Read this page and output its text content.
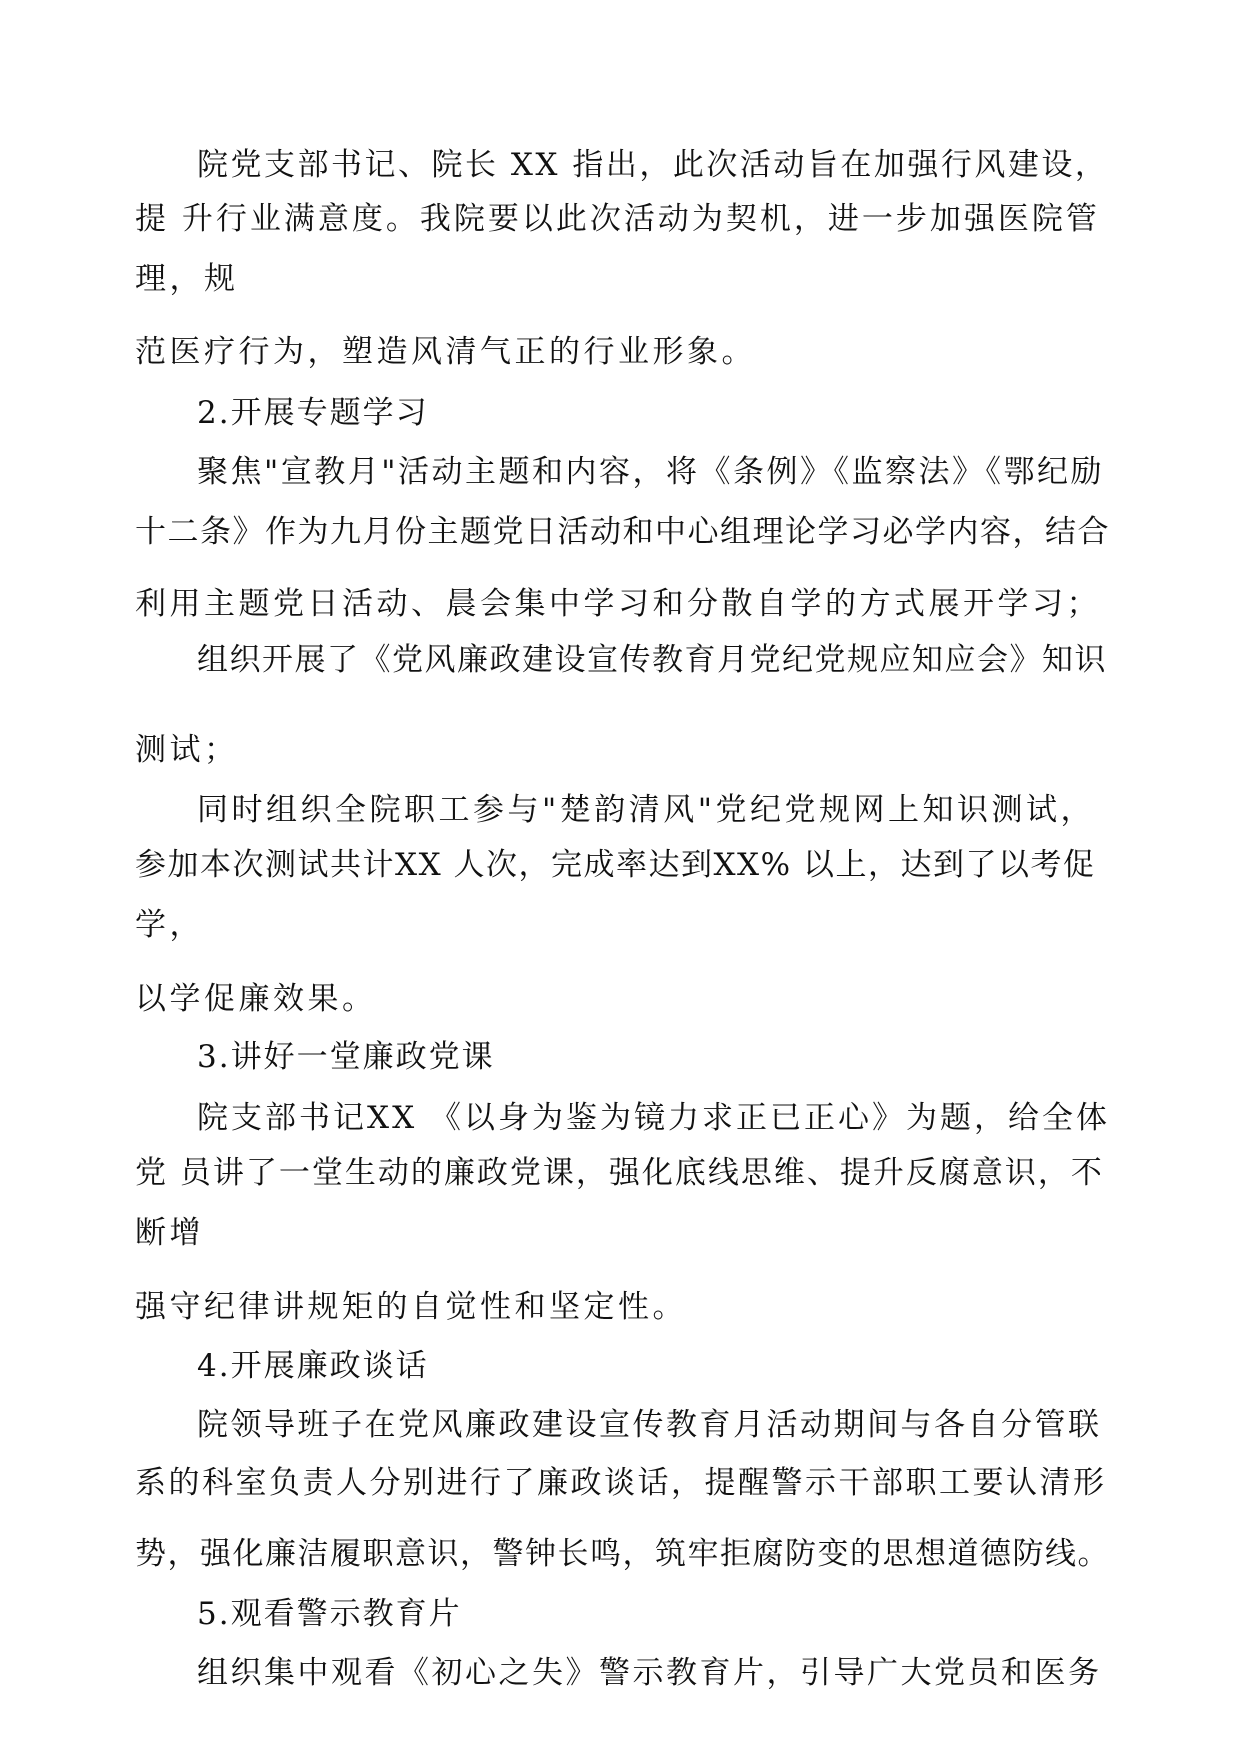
院党支部书记、院长 XX 指出，此次活动旨在加强行风建设，
提 升行业满意度。我院要以此次活动为契机，进一步加强医院管
理，规
范医疗行为，塑造风清气正的行业形象。
2.开展专题学习
聚焦"宣教月"活动主题和内容，将《条例》《监察法》《鄂纪励
十二条》作为九月份主题党日活动和中心组理论学习必学内容，结合
利用主题党日活动、晨会集中学习和分散自学的方式展开学习；
组织开展了《党风廉政建设宣传教育月党纪党规应知应会》知识
测试；
同时组织全院职工参与"楚韵清风"党纪党规网上知识测试，
参加本次测试共计XX 人次，完成率达到XX% 以上，达到了以考促
学，
以学促廉效果。
3.讲好一堂廉政党课
院支部书记XX 《以身为鉴为镜力求正已正心》为题，给全体
党 员讲了一堂生动的廉政党课，强化底线思维、提升反腐意识，不
断增
强守纪律讲规矩的自觉性和坚定性。
4.开展廉政谈话
院领导班子在党风廉政建设宣传教育月活动期间与各自分管联
系的科室负责人分别进行了廉政谈话，提醒警示干部职工要认清形
势，强化廉洁履职意识，警钟长鸣，筑牢拒腐防变的思想道德防线。
5.观看警示教育片
组织集中观看《初心之失》警示教育片，引导广大党员和医务
